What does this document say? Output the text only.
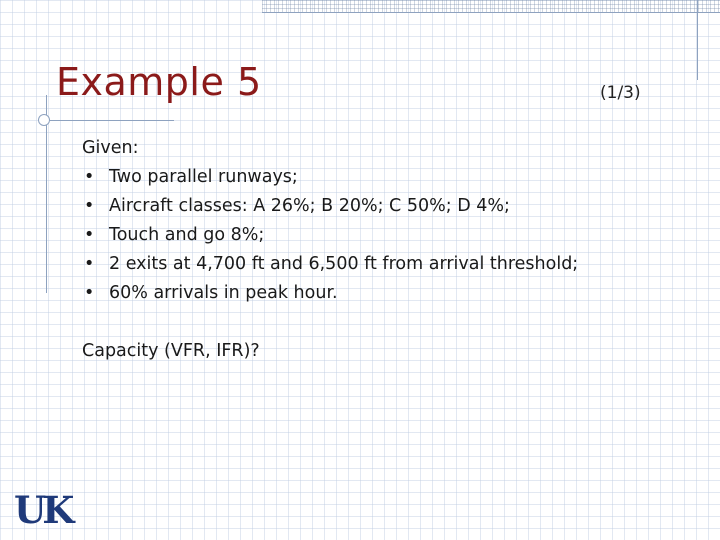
Example 5	(1/3)

Given:

• Two parallel runways;
• Aircraft classes: A 26%; B 20%; C 50%; D 4%;
• Touch and go 8%;
• 2 exits at 4,700 ft and 6,500 ft from arrival threshold;
• 60% arrivals in peak hour.

Capacity (VFR, IFR)?

UK
